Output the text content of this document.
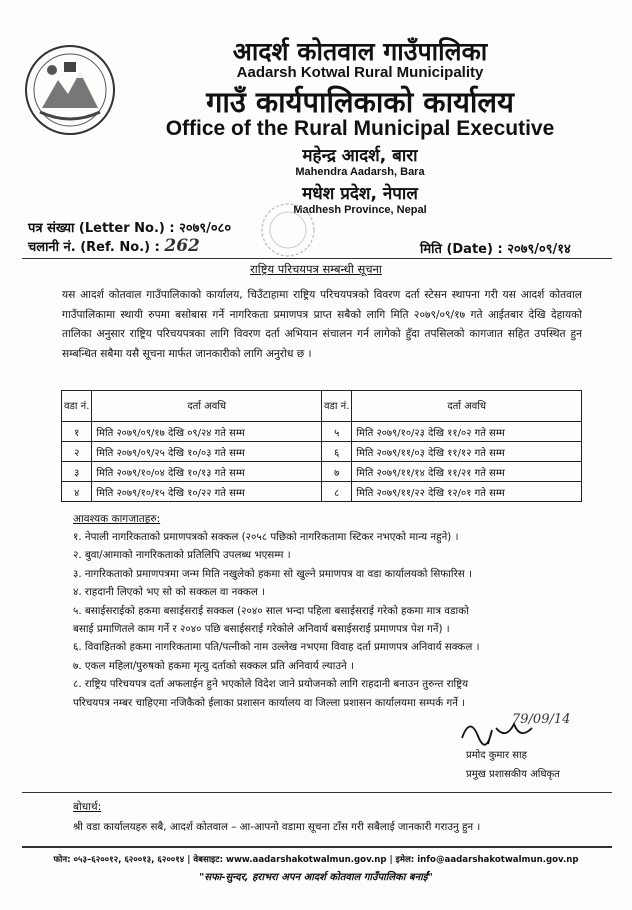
आदर्श कोतवाल गाउँपालिका
Aadarsh Kotwal Rural Municipality
गाउँ कार्यपालिकाको कार्यालय
Office of the Rural Municipal Executive
महेन्द्र आदर्श, बारा
Mahendra Aadarsh, Bara
मधेश प्रदेश, नेपाल
Madhesh Province, Nepal
पत्र संख्या (Letter No.) : २०७९/०८०
चलानी नं. (Ref. No.) : 262	मिति (Date) : २०७९/०९/१४
राष्ट्रिय परिचयपत्र सम्बन्धी सूचना
यस आदर्श कोतवाल गाउँपालिकाको कार्यालय, चिउँटाहामा राष्ट्रिय परिचयपत्रको विवरण दर्ता स्टेसन स्थापना गरी यस आदर्श कोतवाल गाउँपालिकामा स्थायी रुपमा बसोबास गर्ने नागरिकता प्रमाणपत्र प्राप्त सबैको लागि मिति २०७९/०९/१७ गते आईतबार देखि देहायको तालिका अनुसार राष्ट्रिय परिचयपत्रका लागि विवरण दर्ता अभियान संचालन गर्न लागेको हुँदा तपसिलको कागजात सहित उपस्थित हुन सम्बन्धित सबैमा यसै सूचना मार्फत जानकारीको लागि अनुरोध छ ।
वडा नं.	दर्ता अवधि	वडा नं.	दर्ता अवधि
१	मिति २०७९/०९/१७ देखि ०९/२४ गते सम्म	५	मिति २०७९/१०/२३ देखि ११/०२ गते सम्म
२	मिति २०७९/०९/२५ देखि १०/०३ गते सम्म	६	मिति २०७९/११/०३ देखि ११/१२ गते सम्म
३	मिति २०७९/१०/०४ देखि १०/१३ गते सम्म	७	मिति २०७९/११/१४ देखि ११/२१ गते सम्म
४	मिति २०७९/१०/१५ देखि १०/२२ गते सम्म	८	मिति २०७९/११/२२ देखि १२/०१ गते सम्म
आवश्यक कागजातहरु:
१. नेपाली नागरिकताको प्रमाणपत्रको सक्कल (२०५८ पछिको नागरिकतामा स्टिकर नभएको मान्य नहुने) ।
२. बुवा/आमाको नागरिकताको प्रतिलिपि उपलब्ध भएसम्म ।
३. नागरिकताको प्रमाणपत्रमा जन्म मिति नखुलेको हकमा सो खुल्ने प्रमाणपत्र वा वडा कार्यालयको सिफारिस ।
४. राहदानी लिएको भए सो को सक्कल वा नक्कल ।
५. बसाईसराईको हकमा बसाईसराई सक्कल (२०४० साल भन्दा पहिला बसाईसराई गरेको हकमा मात्र वडाको
बसाई प्रमाणितले काम गर्ने र २०४० पछि बसाईसराई गरेकोले अनिवार्य बसाईसराई प्रमाणपत्र पेश गर्ने) ।
६. विवाहितको हकमा नागरिकतामा पति/पत्नीको नाम उल्लेख नभएमा विवाह दर्ता प्रमाणपत्र अनिवार्य सक्कल ।
७. एकल महिला/पुरुषको हकमा मृत्यु दर्ताको सक्कल प्रति अनिवार्य ल्याउने ।
८. राष्ट्रिय परिचयपत्र दर्ता अफलाईन हुने भएकोले विदेश जाने प्रयोजनको लागि राहदानी बनाउन तुरुन्त राष्ट्रिय
परिचयपत्र नम्बर चाहिएमा नजिकैको ईलाका प्रशासन कार्यालय वा जिल्ला प्रशासन कार्यालयमा सम्पर्क गर्ने ।
79/09/14
प्रमोद कुमार साह
प्रमुख प्रशासकीय अधिकृत
बोधार्थ:
श्री वडा कार्यालयहरु सबै, आदर्श कोतवाल – आ-आपनो वडामा सूचना टाँस गरी सबैलाई जानकारी गराउनु हुन ।
फोन: ०५३–६२००१२, ६२००१३, ६२००१४ | वेबसाइट: www.aadarshakotwalmun.gov.np | इमेल: info@aadarshakotwalmun.gov.np
"सफा-सुन्दर, हराभरा अपन आदर्श कोतवाल गाउँपालिका बनाईं"
